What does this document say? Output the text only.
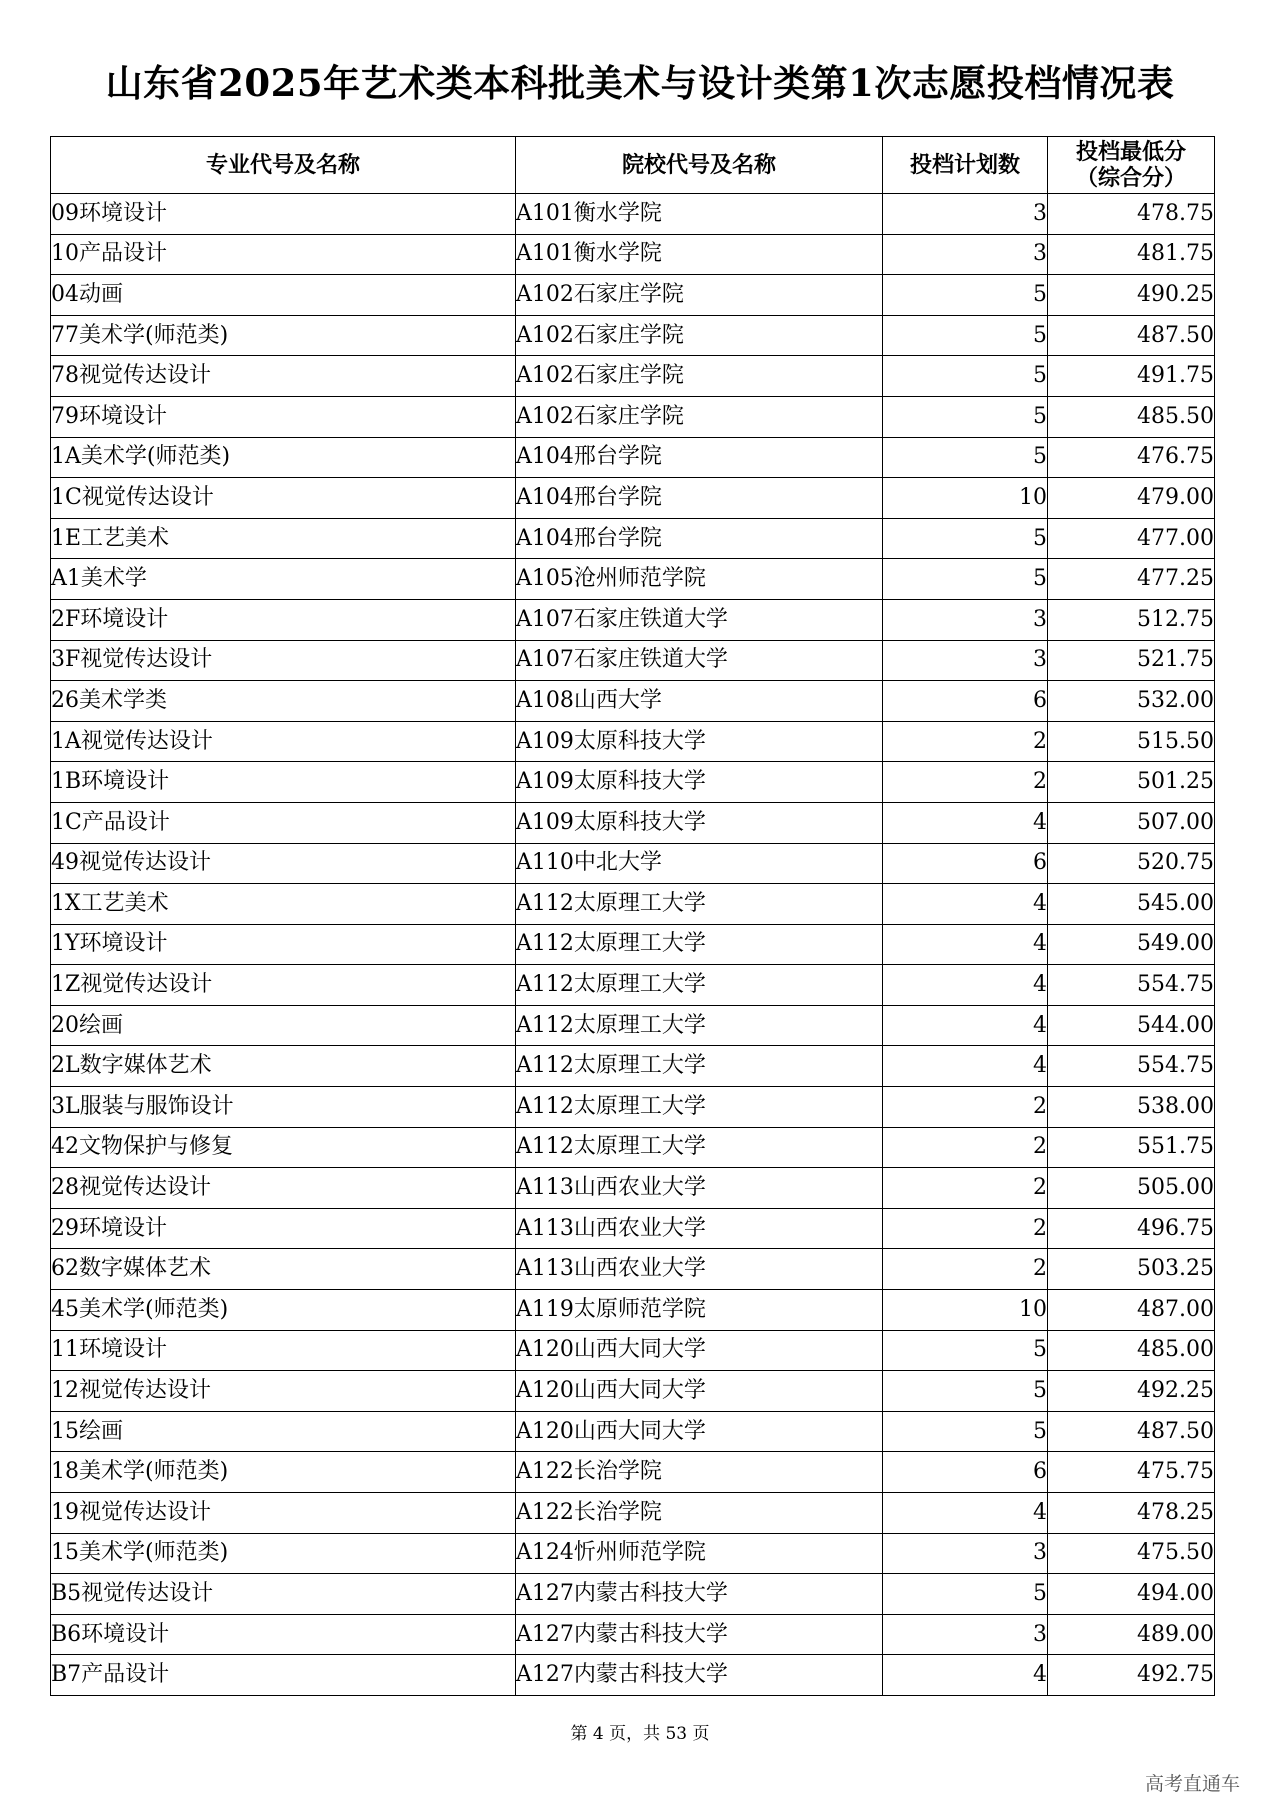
山东省2025年艺术类本科批美术与设计类第1次志愿投档情况表
专业代号及名称	院校代号及名称	投档计划数	投档最低分
（综合分）

09环境设计	A101衡水学院	3	478.75
10产品设计	A101衡水学院	3	481.75
04动画	A102石家庄学院	5	490.25
77美术学(师范类)	A102石家庄学院	5	487.50
78视觉传达设计	A102石家庄学院	5	491.75
79环境设计	A102石家庄学院	5	485.50
1A美术学(师范类)	A104邢台学院	5	476.75
1C视觉传达设计	A104邢台学院	10	479.00
1E工艺美术	A104邢台学院	5	477.00
A1美术学	A105沧州师范学院	5	477.25
2F环境设计	A107石家庄铁道大学	3	512.75
3F视觉传达设计	A107石家庄铁道大学	3	521.75
26美术学类	A108山西大学	6	532.00
1A视觉传达设计	A109太原科技大学	2	515.50
1B环境设计	A109太原科技大学	2	501.25
1C产品设计	A109太原科技大学	4	507.00
49视觉传达设计	A110中北大学	6	520.75
1X工艺美术	A112太原理工大学	4	545.00
1Y环境设计	A112太原理工大学	4	549.00
1Z视觉传达设计	A112太原理工大学	4	554.75
20绘画	A112太原理工大学	4	544.00
2L数字媒体艺术	A112太原理工大学	4	554.75
3L服装与服饰设计	A112太原理工大学	2	538.00
42文物保护与修复	A112太原理工大学	2	551.75
28视觉传达设计	A113山西农业大学	2	505.00
29环境设计	A113山西农业大学	2	496.75
62数字媒体艺术	A113山西农业大学	2	503.25
45美术学(师范类)	A119太原师范学院	10	487.00
11环境设计	A120山西大同大学	5	485.00
12视觉传达设计	A120山西大同大学	5	492.25
15绘画	A120山西大同大学	5	487.50
18美术学(师范类)	A122长治学院	6	475.75
19视觉传达设计	A122长治学院	4	478.25
15美术学(师范类)	A124忻州师范学院	3	475.50
B5视觉传达设计	A127内蒙古科技大学	5	494.00
B6环境设计	A127内蒙古科技大学	3	489.00
B7产品设计	A127内蒙古科技大学	4	492.75
第 4 页，共 53 页
高考直通车
